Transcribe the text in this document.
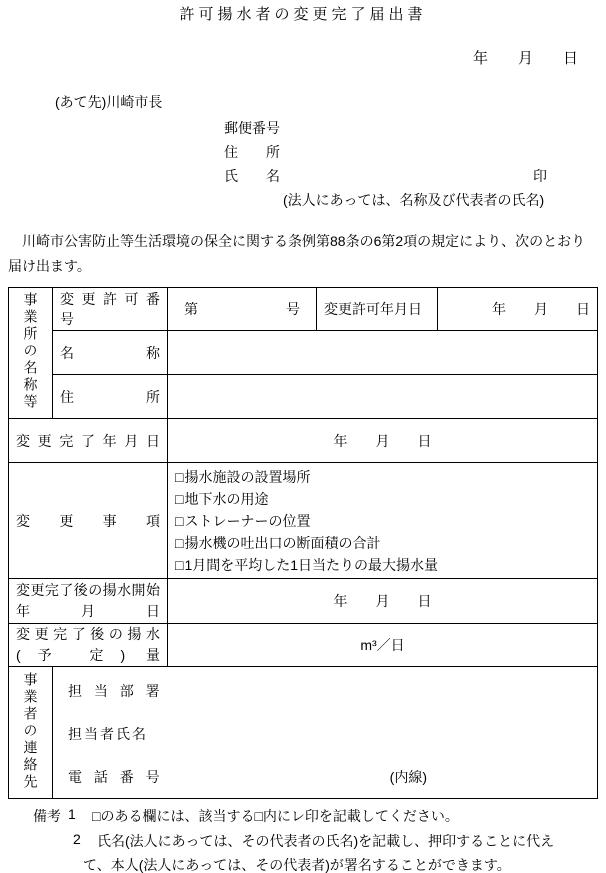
許可揚水者の変更完了届出書
年　　月　　日
(あて先)川崎市長
郵便番号
住　　所
氏　　名	印
(法人にあっては、名称及び代表者の氏名)
川崎市公害防止等生活環境の保全に関する条例第88条の6第2項の規定により、次のとおり届け出ます。
事業所の名称等	変 更 許 可 番 号	第 号	変更許可年月日	年　　月　　日
	名 称			
	住 所			
変 更 完 了 年 月 日		年　　月　　日		
変 更 事 項		□揚水施設の設置場所
□地下水の用途
□ストレーナーの位置
□揚水機の吐出口の断面積の合計
□1月間を平均した1日当たりの最大揚水量		

変更完了後の揚水開始
年 月 日		年　　月　　日		

変 更 完 了 後 の 揚 水
(予 定) 量		m³／日		
事業者の連絡先	担 当 部 署
担当者氏名
電 話 番 号 (内線)			
備考 1 □のある欄には、該当する□内にレ印を記載してください。
2 氏名(法人にあっては、その代表者の氏名)を記載し、押印することに代え
て、本人(法人にあっては、その代表者)が署名することができます。
